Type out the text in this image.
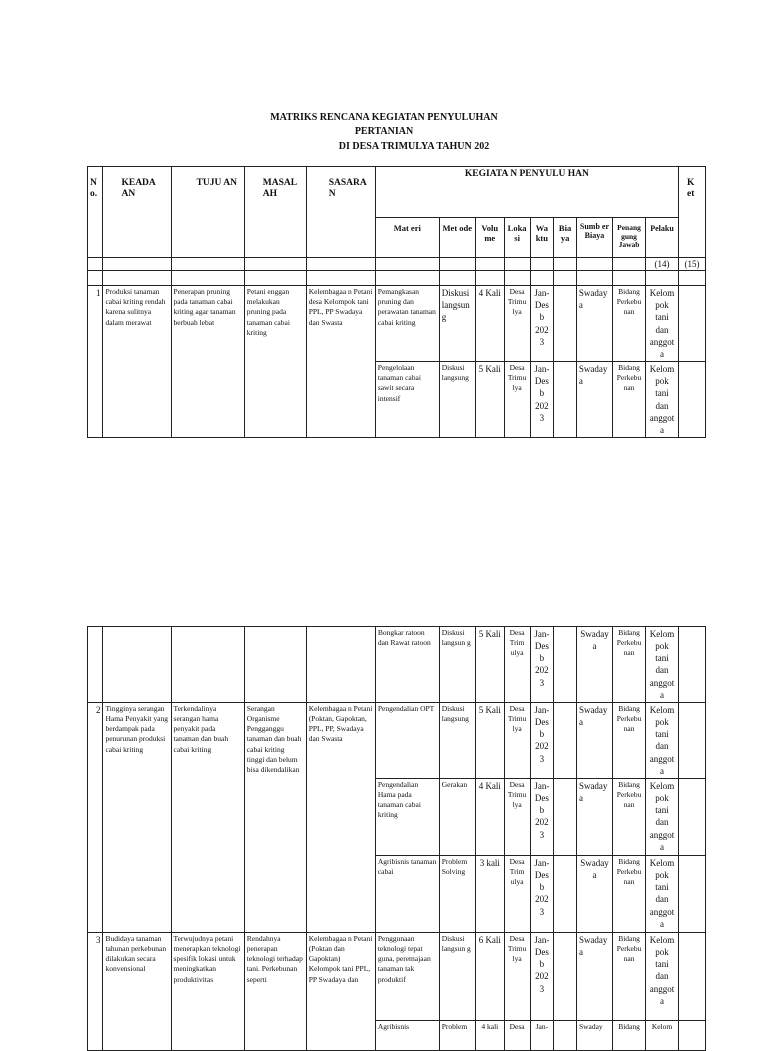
MATRIKS RENCANA KEGIATAN PENYULUHAN
PERTANIAN
DI DESA TRIMULYA TAHUN 202
N o.	KEADA AN	TUJU AN	MASAL AH	SASARA N	KEGIATA N PENYULU HAN									K et
					Mat eri	Met ode	Volu me	Loka si	Wa ktu	Bia ya	Sumb er Biaya	Penang gung Jawab	Pelaku	
													(14)	(15)

1	Produksi tanaman cabai kriting rendah karena sulitnya dalam merawat	Penerapan pruning pada tanaman cabai kriting agar tanaman berbuah lebat	Petani enggan melakukan pruning pada tanaman cabai kriting	Kelembagaa n Petani desa Kelompok tani PPL, PP Swadaya dan Swasta	Pemangkasan pruning dan perawatan tanaman cabai kriting	Diskusi langsun g	4 Kali	Desa Trimu lya	Jan-Des b 202 3		Swaday a	Bidang Perkebu nan	Kelom pok tani dan anggot a	
					Pengelolaan tanaman cabai sawit secara intensif	Diskusi langsung	5 Kali	Desa Trimu lya	Jan-Des b 202 3		Swaday a	Bidang Perkebu nan	Kelom pok tani dan anggot a	
					Bongkar ratoon dan Rawat ratoon	Diskusi langsun g	5 Kali	Desa Trim ulya	Jan-Des b 202 3		Swaday a	Bidang Perkebu nan	Kelom pok tani dan anggot a	
2	Tingginya serangan Hama Penyakit yang berdampak pada penurunan produksi cabai kriting	Terkendalinya serangan hama penyakit pada tanaman dan buah cabai kriting	Serangan Organisme Pengganggu tanaman dan buah cabai kriting tinggi dan belum bisa dikendalikan	Kelembagaa n Petani (Poktan, Gapoktan, PPL, PP, Swadaya dan Swasta	Pengendalian OPT	Diskusi langsung	5 Kali	Desa Trimu lya	Jan-Des b 202 3		Swaday a	Bidang Perkebu nan	Kelom pok tani dan anggot a	
					Pengendalian Hama pada tanaman cabai kriting	Gerakan	4 Kali	Desa Trimu lya	Jan-Des b 202 3		Swaday a	Bidang Perkebu nan	Kelom pok tani dan anggot a	
					Agribisnis tanaman cabai	Problem Solving	3 kali	Desa Trim ulya	Jan-Des b 202 3		Swaday a	Bidang Perkebu nan	Kelom pok tani dan anggot a	
3	Budidaya tanaman tahunan perkebunan dilakukan secara konvensional	Terwujudnya petani menerapkan teknologi spesifik lokasi untuk meningkatkan produktivitas	Rendahnya penerapan teknologi terhadap tani. Perkebunan seperti	Kelembagaa n Petani (Poktan dan Gapoktan) Kelompok tani PPL, PP Swadaya dan	Penggunaan teknologi tepat guna, peremajaan tanaman tak produktif	Diskusi langsun g	6 Kali	Desa Trimu lya	Jan-Des b 202 3		Swaday a	Bidang Perkebu nan	Kelom pok tani dan anggot a	
					Agribisnis	Problem	4 kali	Desa	Jan-		Swaday	Bidang	Kelom	
